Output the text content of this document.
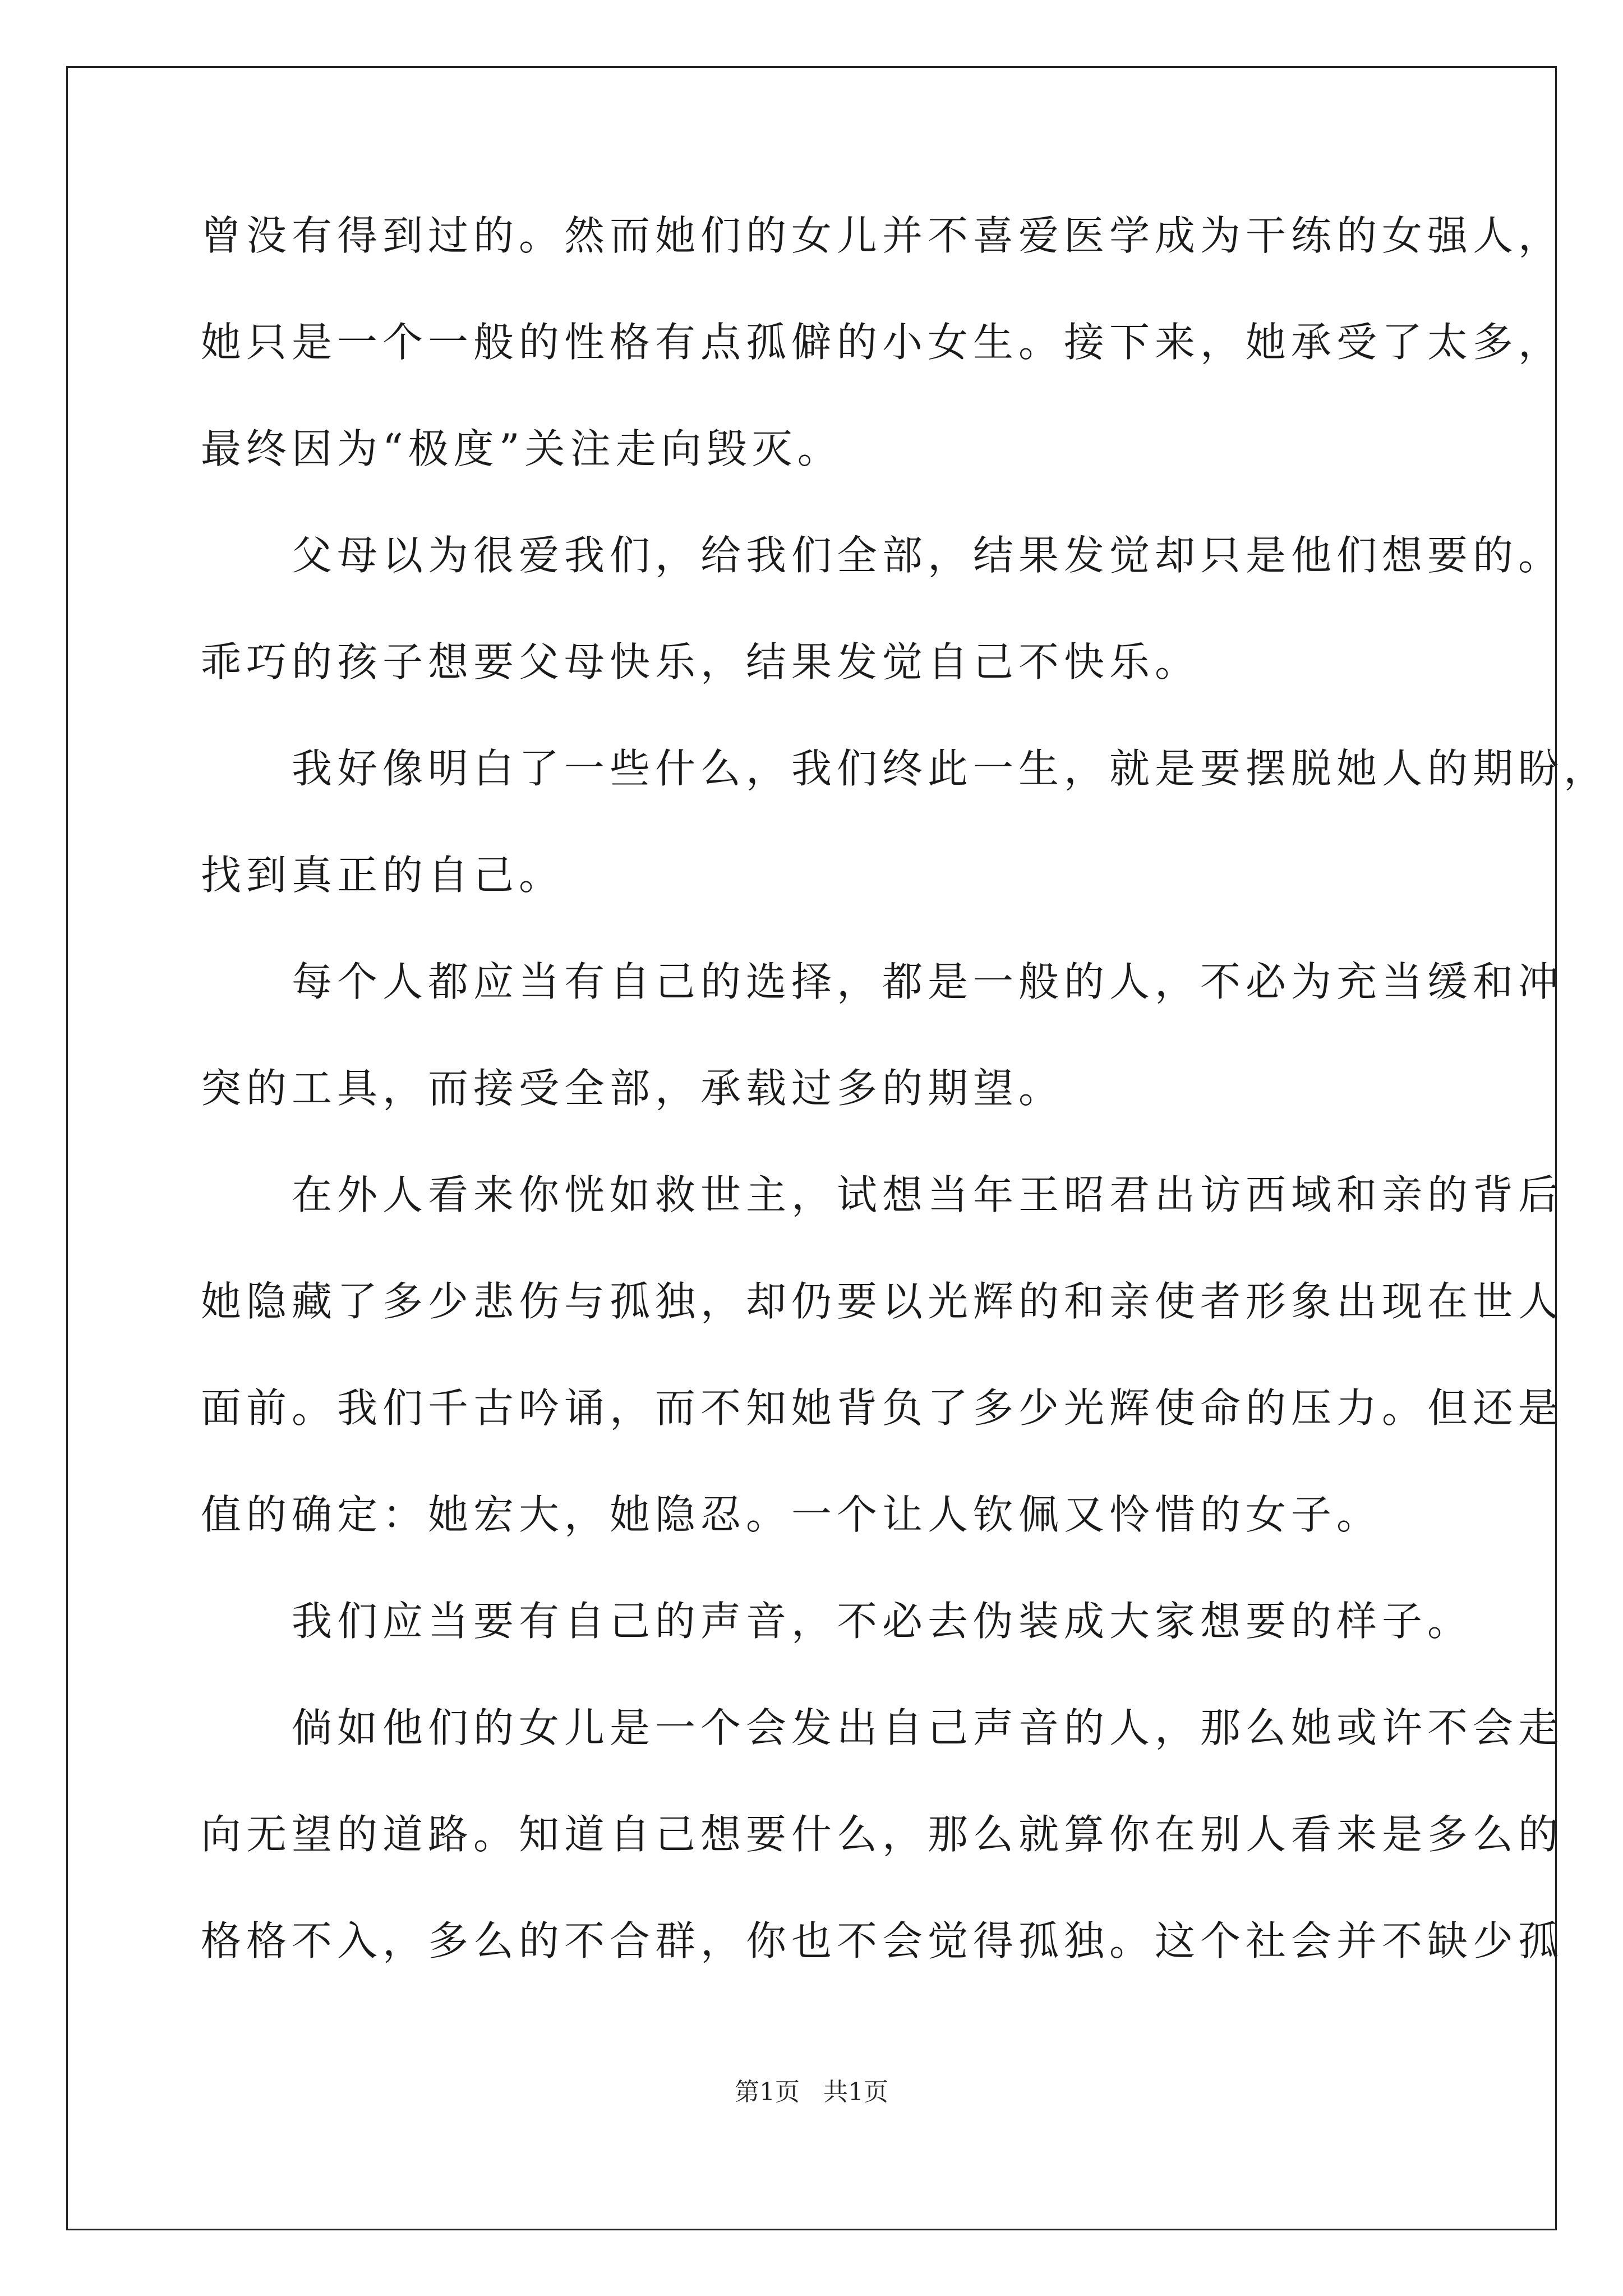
曾没有得到过的。然而她们的女儿并不喜爱医学成为干练的女强人，
她只是一个一般的性格有点孤僻的小女生。接下来，她承受了太多，
最终因为“极度”关注走向毁灭。
　　父母以为很爱我们，给我们全部，结果发觉却只是他们想要的。
乖巧的孩子想要父母快乐，结果发觉自己不快乐。
　　我好像明白了一些什么，我们终此一生，就是要摆脱她人的期盼，
找到真正的自己。
　　每个人都应当有自己的选择，都是一般的人，不必为充当缓和冲
突的工具，而接受全部，承载过多的期望。
　　在外人看来你恍如救世主，试想当年王昭君出访西域和亲的背后
她隐藏了多少悲伤与孤独，却仍要以光辉的和亲使者形象出现在世人
面前。我们千古吟诵，而不知她背负了多少光辉使命的压力。但还是
值的确定：她宏大，她隐忍。一个让人钦佩又怜惜的女子。
　　我们应当要有自己的声音，不必去伪装成大家想要的样子。
　　倘如他们的女儿是一个会发出自己声音的人，那么她或许不会走
向无望的道路。知道自己想要什么，那么就算你在别人看来是多么的
格格不入，多么的不合群，你也不会觉得孤独。这个社会并不缺少孤
第1页 共1页
